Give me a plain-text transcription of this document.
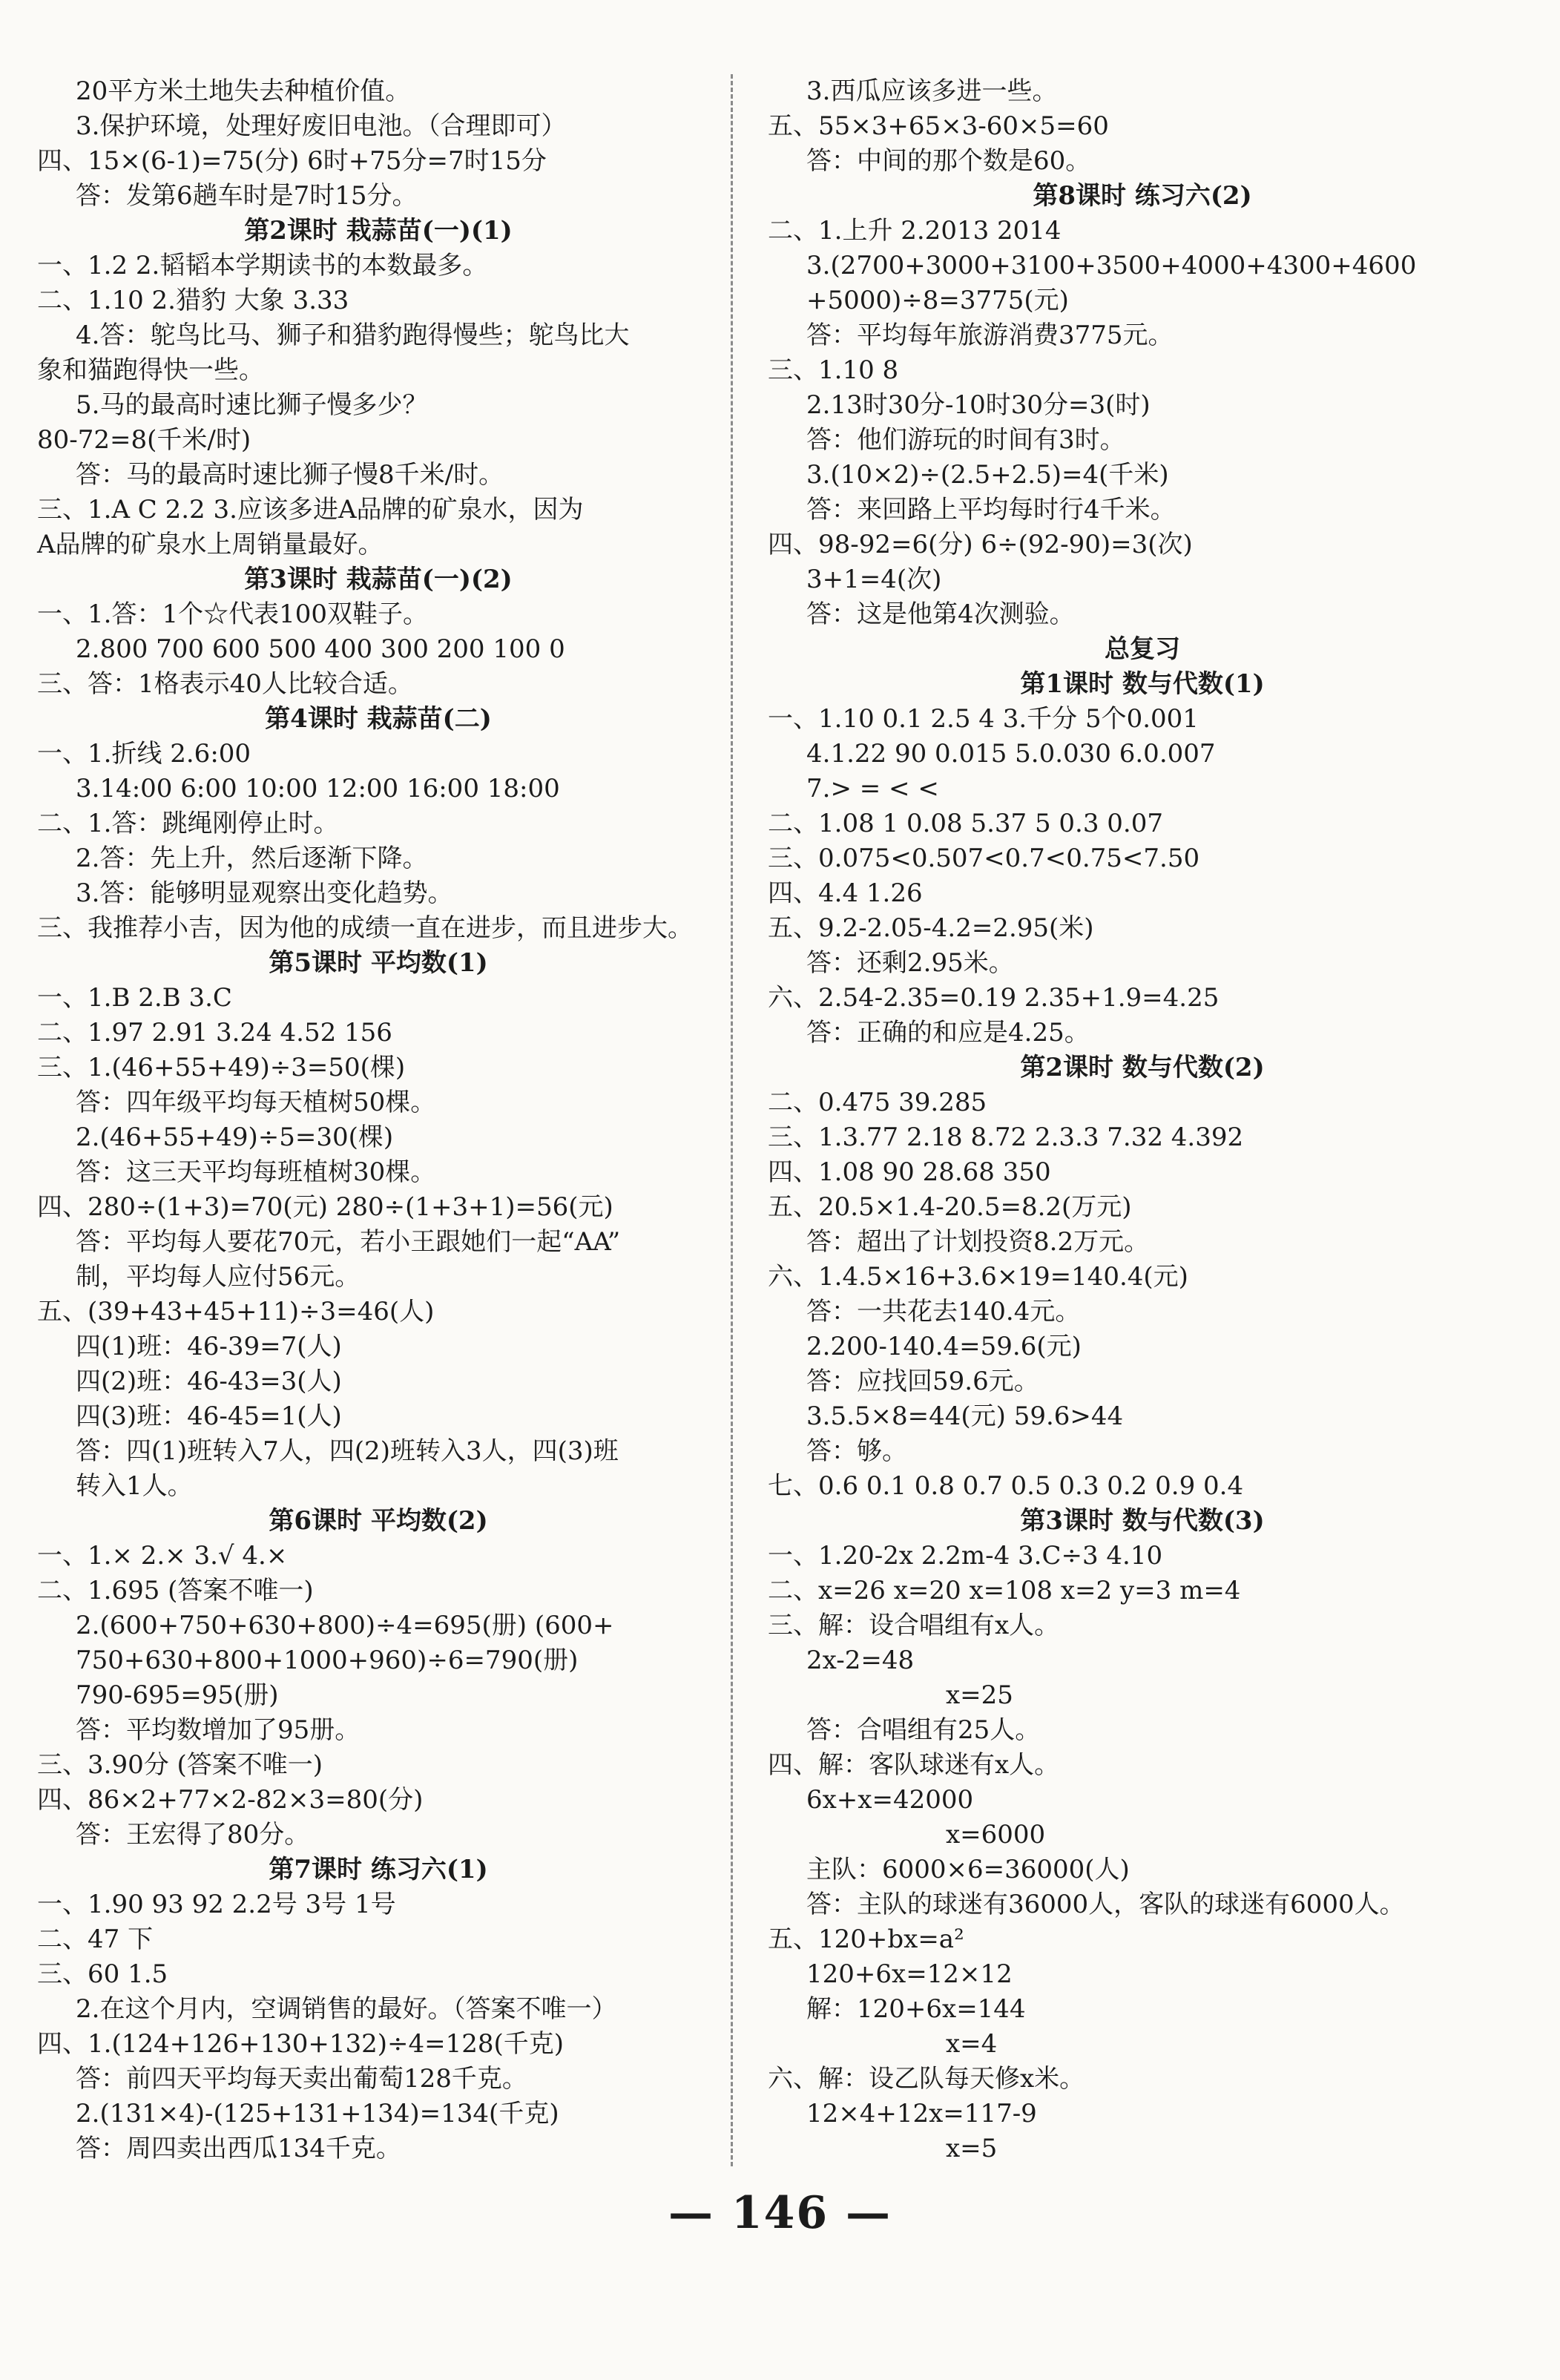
20平方米土地失去种植价值。
3.保护环境，处理好废旧电池。（合理即可）
四、15×(6-1)=75(分) 6时+75分=7时15分
答：发第6趟车时是7时15分。
第2课时 栽蒜苗(一)(1)
一、1.2 2.韬韬本学期读书的本数最多。
二、1.10 2.猎豹 大象 3.33
4.答：鸵鸟比马、狮子和猎豹跑得慢些；鸵鸟比大
象和猫跑得快一些。
5.马的最高时速比狮子慢多少？
80-72=8(千米/时)
答：马的最高时速比狮子慢8千米/时。
三、1.A C 2.2 3.应该多进A品牌的矿泉水，因为
A品牌的矿泉水上周销量最好。
第3课时 栽蒜苗(一)(2)
一、1.答：1个☆代表100双鞋子。
2.800 700 600 500 400 300 200 100 0
三、答：1格表示40人比较合适。
第4课时 栽蒜苗(二)
一、1.折线 2.6:00
3.14:00 6:00 10:00 12:00 16:00 18:00
二、1.答：跳绳刚停止时。
2.答：先上升，然后逐渐下降。
3.答：能够明显观察出变化趋势。
三、我推荐小吉，因为他的成绩一直在进步，而且进步大。
第5课时 平均数(1)
一、1.B 2.B 3.C
二、1.97 2.91 3.24 4.52 156
三、1.(46+55+49)÷3=50(棵)
答：四年级平均每天植树50棵。
2.(46+55+49)÷5=30(棵)
答：这三天平均每班植树30棵。
四、280÷(1+3)=70(元) 280÷(1+3+1)=56(元)
答：平均每人要花70元，若小王跟她们一起“AA”
制，平均每人应付56元。
五、(39+43+45+11)÷3=46(人)
四(1)班：46-39=7(人)
四(2)班：46-43=3(人)
四(3)班：46-45=1(人)
答：四(1)班转入7人，四(2)班转入3人，四(3)班
转入1人。
第6课时 平均数(2)
一、1.× 2.× 3.√ 4.×
二、1.695 (答案不唯一)
2.(600+750+630+800)÷4=695(册) (600+
750+630+800+1000+960)÷6=790(册)
790-695=95(册)
答：平均数增加了95册。
三、3.90分 (答案不唯一)
四、86×2+77×2-82×3=80(分)
答：王宏得了80分。
第7课时 练习六(1)
一、1.90 93 92 2.2号 3号 1号
二、47 下
三、60 1.5
2.在这个月内，空调销售的最好。（答案不唯一）
四、1.(124+126+130+132)÷4=128(千克)
答：前四天平均每天卖出葡萄128千克。
2.(131×4)-(125+131+134)=134(千克)
答：周四卖出西瓜134千克。
3.西瓜应该多进一些。
五、55×3+65×3-60×5=60
答：中间的那个数是60。
第8课时 练习六(2)
二、1.上升 2.2013 2014
3.(2700+3000+3100+3500+4000+4300+4600
+5000)÷8=3775(元)
答：平均每年旅游消费3775元。
三、1.10 8
2.13时30分-10时30分=3(时)
答：他们游玩的时间有3时。
3.(10×2)÷(2.5+2.5)=4(千米)
答：来回路上平均每时行4千米。
四、98-92=6(分) 6÷(92-90)=3(次)
3+1=4(次)
答：这是他第4次测验。
总复习
第1课时 数与代数(1)
一、1.10 0.1 2.5 4 3.千分 5个0.001
4.1.22 90 0.015 5.0.030 6.0.007
7.> = < <
二、1.08 1 0.08 5.37 5 0.3 0.07
三、0.075<0.507<0.7<0.75<7.50
四、4.4 1.26
五、9.2-2.05-4.2=2.95(米)
答：还剩2.95米。
六、2.54-2.35=0.19 2.35+1.9=4.25
答：正确的和应是4.25。
第2课时 数与代数(2)
二、0.475 39.285
三、1.3.77 2.18 8.72 2.3.3 7.32 4.392
四、1.08 90 28.68 350
五、20.5×1.4-20.5=8.2(万元)
答：超出了计划投资8.2万元。
六、1.4.5×16+3.6×19=140.4(元)
答：一共花去140.4元。
2.200-140.4=59.6(元)
答：应找回59.6元。
3.5.5×8=44(元) 59.6>44
答：够。
七、0.6 0.1 0.8 0.7 0.5 0.3 0.2 0.9 0.4
第3课时 数与代数(3)
一、1.20-2x 2.2m-4 3.C÷3 4.10
二、x=26 x=20 x=108 x=2 y=3 m=4
三、解：设合唱组有x人。
2x-2=48
x=25
答：合唱组有25人。
四、解：客队球迷有x人。
6x+x=42000
x=6000
主队：6000×6=36000(人)
答：主队的球迷有36000人，客队的球迷有6000人。
五、120+bx=a²
120+6x=12×12
解：120+6x=144
x=4
六、解：设乙队每天修x米。
12×4+12x=117-9
x=5
— 146 —
